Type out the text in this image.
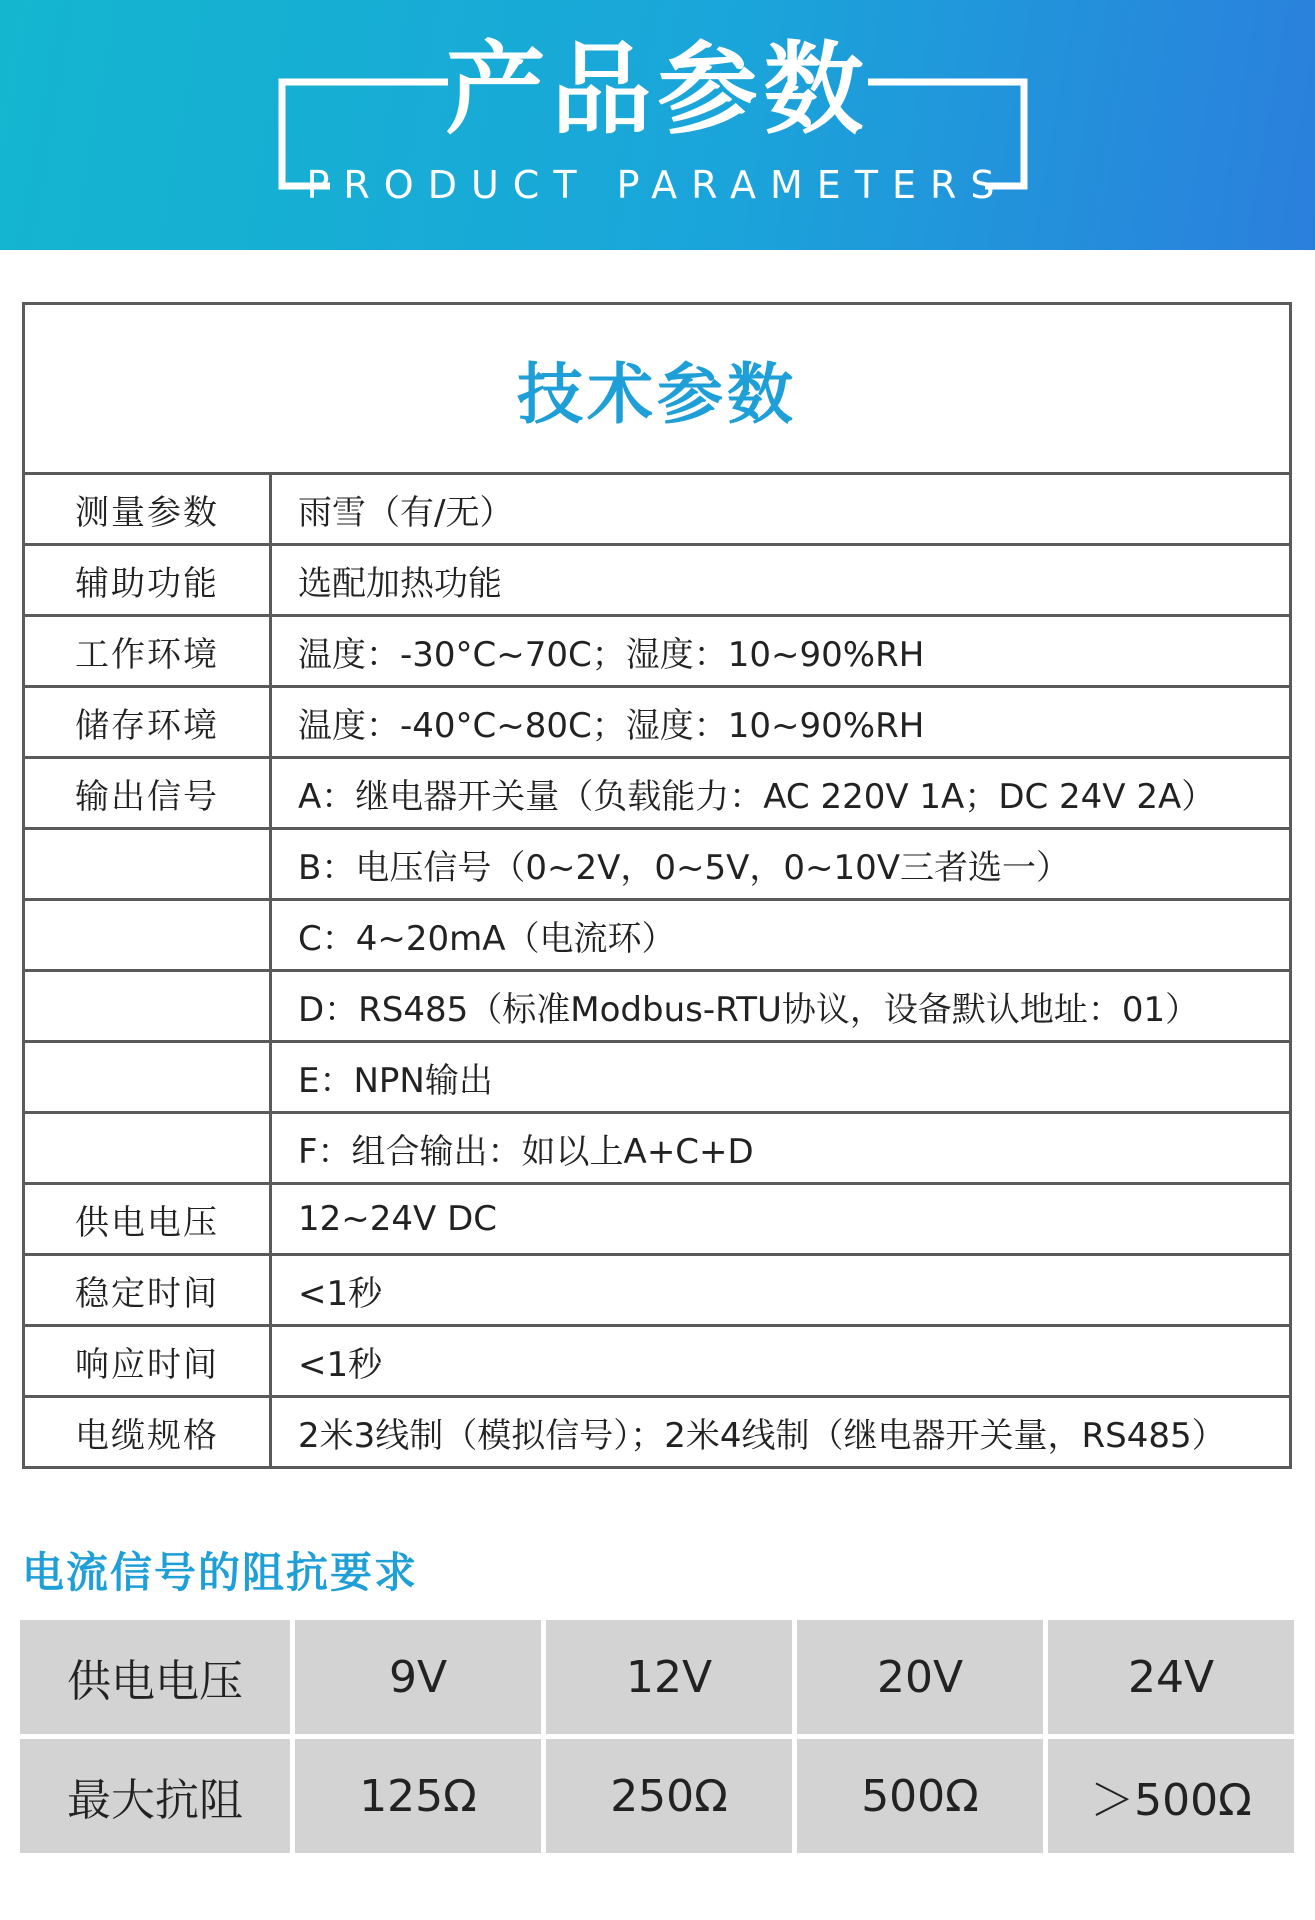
产品参数
PRODUCT PARAMETERS
技术参数
测量参数	雨雪（有/无）
辅助功能	选配加热功能
工作环境	温度：-30°C~70C；湿度：10~90%RH
储存环境	温度：-40°C~80C；湿度：10~90%RH
输出信号	A：继电器开关量（负载能力：AC 220V 1A；DC 24V 2A）
B：电压信号（0~2V，0~5V，0~10V三者选一）
C：4~20mA（电流环）
D：RS485（标准Modbus-RTU协议，设备默认地址：01）
E：NPN输出
F：组合输出：如以上A+C+D
供电电压	12~24V DC
稳定时间	<1秒
响应时间	<1秒
电缆规格	2米3线制（模拟信号）；2米4线制（继电器开关量，RS485）
电流信号的阻抗要求
供电电压	9V	12V	20V	24V
最大抗阻	125Ω	250Ω	500Ω	＞500Ω
